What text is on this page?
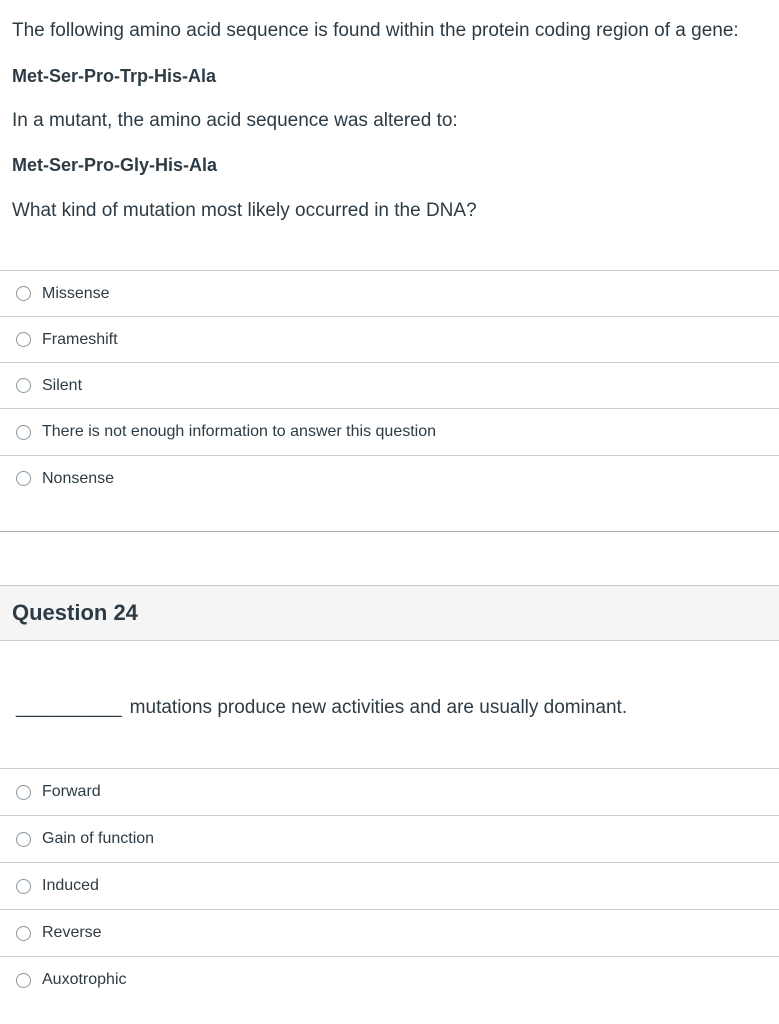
The following amino acid sequence is found within the protein coding region of a gene:

Met-Ser-Pro-Trp-His-Ala

In a mutant, the amino acid sequence was altered to:

Met-Ser-Pro-Gly-His-Ala

What kind of mutation most likely occurred in the DNA?

Missense
Frameshift
Silent
There is not enough information to answer this question
Nonsense
Question 24
__________ mutations produce new activities and are usually dominant.
Forward
Gain of function
Induced
Reverse
Auxotrophic
